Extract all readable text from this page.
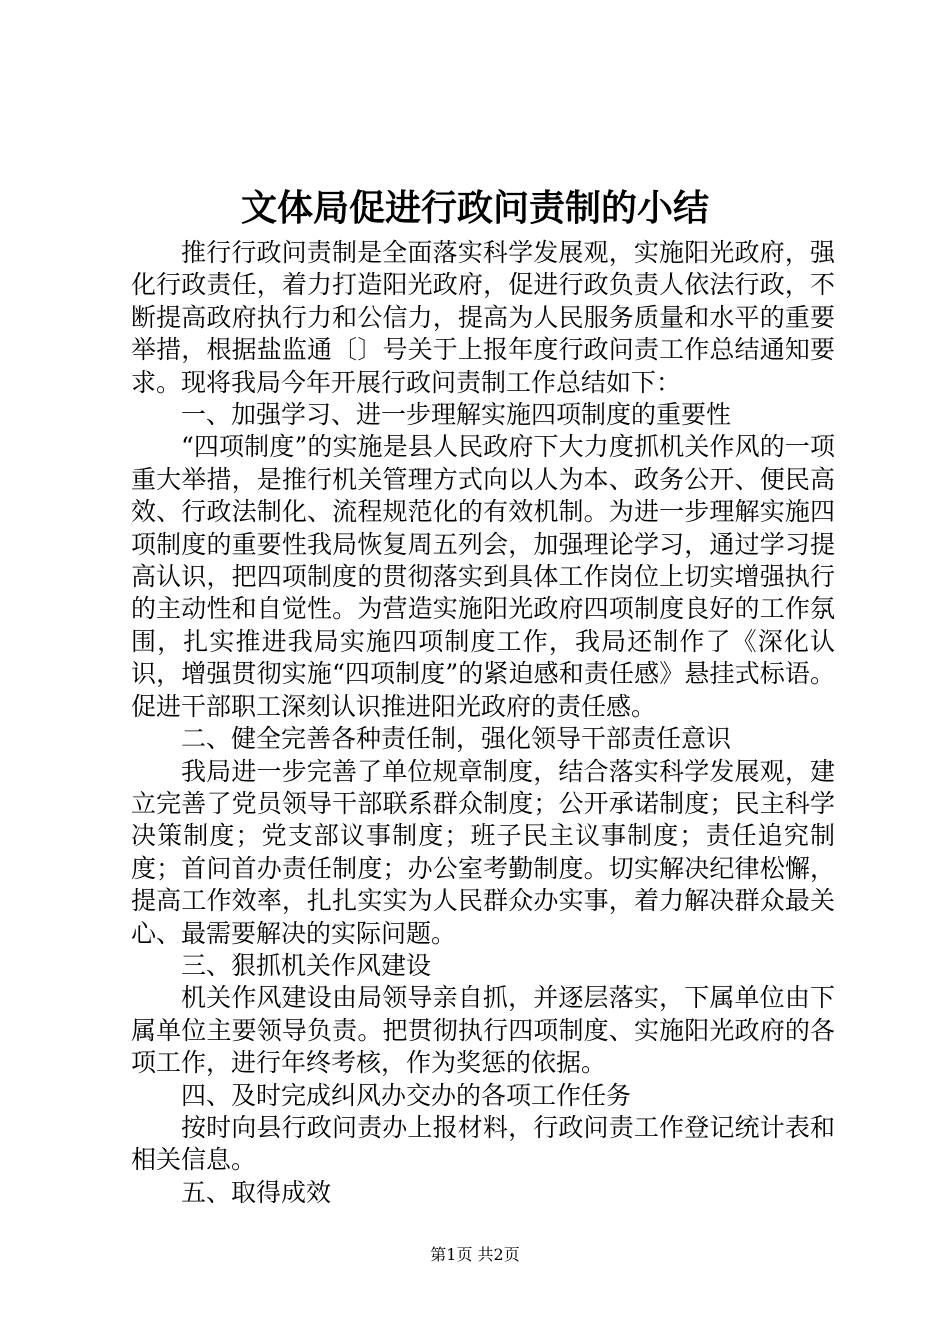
文体局促进行政问责制的小结

推行行政问责制是全面落实科学发展观，实施阳光政府，强化行政责任，着力打造阳光政府，促进行政负责人依法行政，不断提高政府执行力和公信力，提高为人民服务质量和水平的重要举措，根据盐监通〔〕号关于上报年度行政问责工作总结通知要求。现将我局今年开展行政问责制工作总结如下：

一、加强学习、进一步理解实施四项制度的重要性

“四项制度”的实施是县人民政府下大力度抓机关作风的一项重大举措，是推行机关管理方式向以人为本、政务公开、便民高效、行政法制化、流程规范化的有效机制。为进一步理解实施四项制度的重要性我局恢复周五列会，加强理论学习，通过学习提高认识，把四项制度的贯彻落实到具体工作岗位上切实增强执行的主动性和自觉性。为营造实施阳光政府四项制度良好的工作氛围，扎实推进我局实施四项制度工作，我局还制作了《深化认识，增强贯彻实施“四项制度”的紧迫感和责任感》悬挂式标语。促进干部职工深刻认识推进阳光政府的责任感。

二、健全完善各种责任制，强化领导干部责任意识

我局进一步完善了单位规章制度，结合落实科学发展观，建立完善了党员领导干部联系群众制度；公开承诺制度；民主科学决策制度；党支部议事制度；班子民主议事制度；责任追究制度；首问首办责任制度；办公室考勤制度。切实解决纪律松懈，提高工作效率，扎扎实实为人民群众办实事，着力解决群众最关心、最需要解决的实际问题。

三、狠抓机关作风建设

机关作风建设由局领导亲自抓，并逐层落实，下属单位由下属单位主要领导负责。把贯彻执行四项制度、实施阳光政府的各项工作，进行年终考核，作为奖惩的依据。

四、及时完成纠风办交办的各项工作任务

按时向县行政问责办上报材料，行政问责工作登记统计表和相关信息。

五、取得成效

第1页 共2页
